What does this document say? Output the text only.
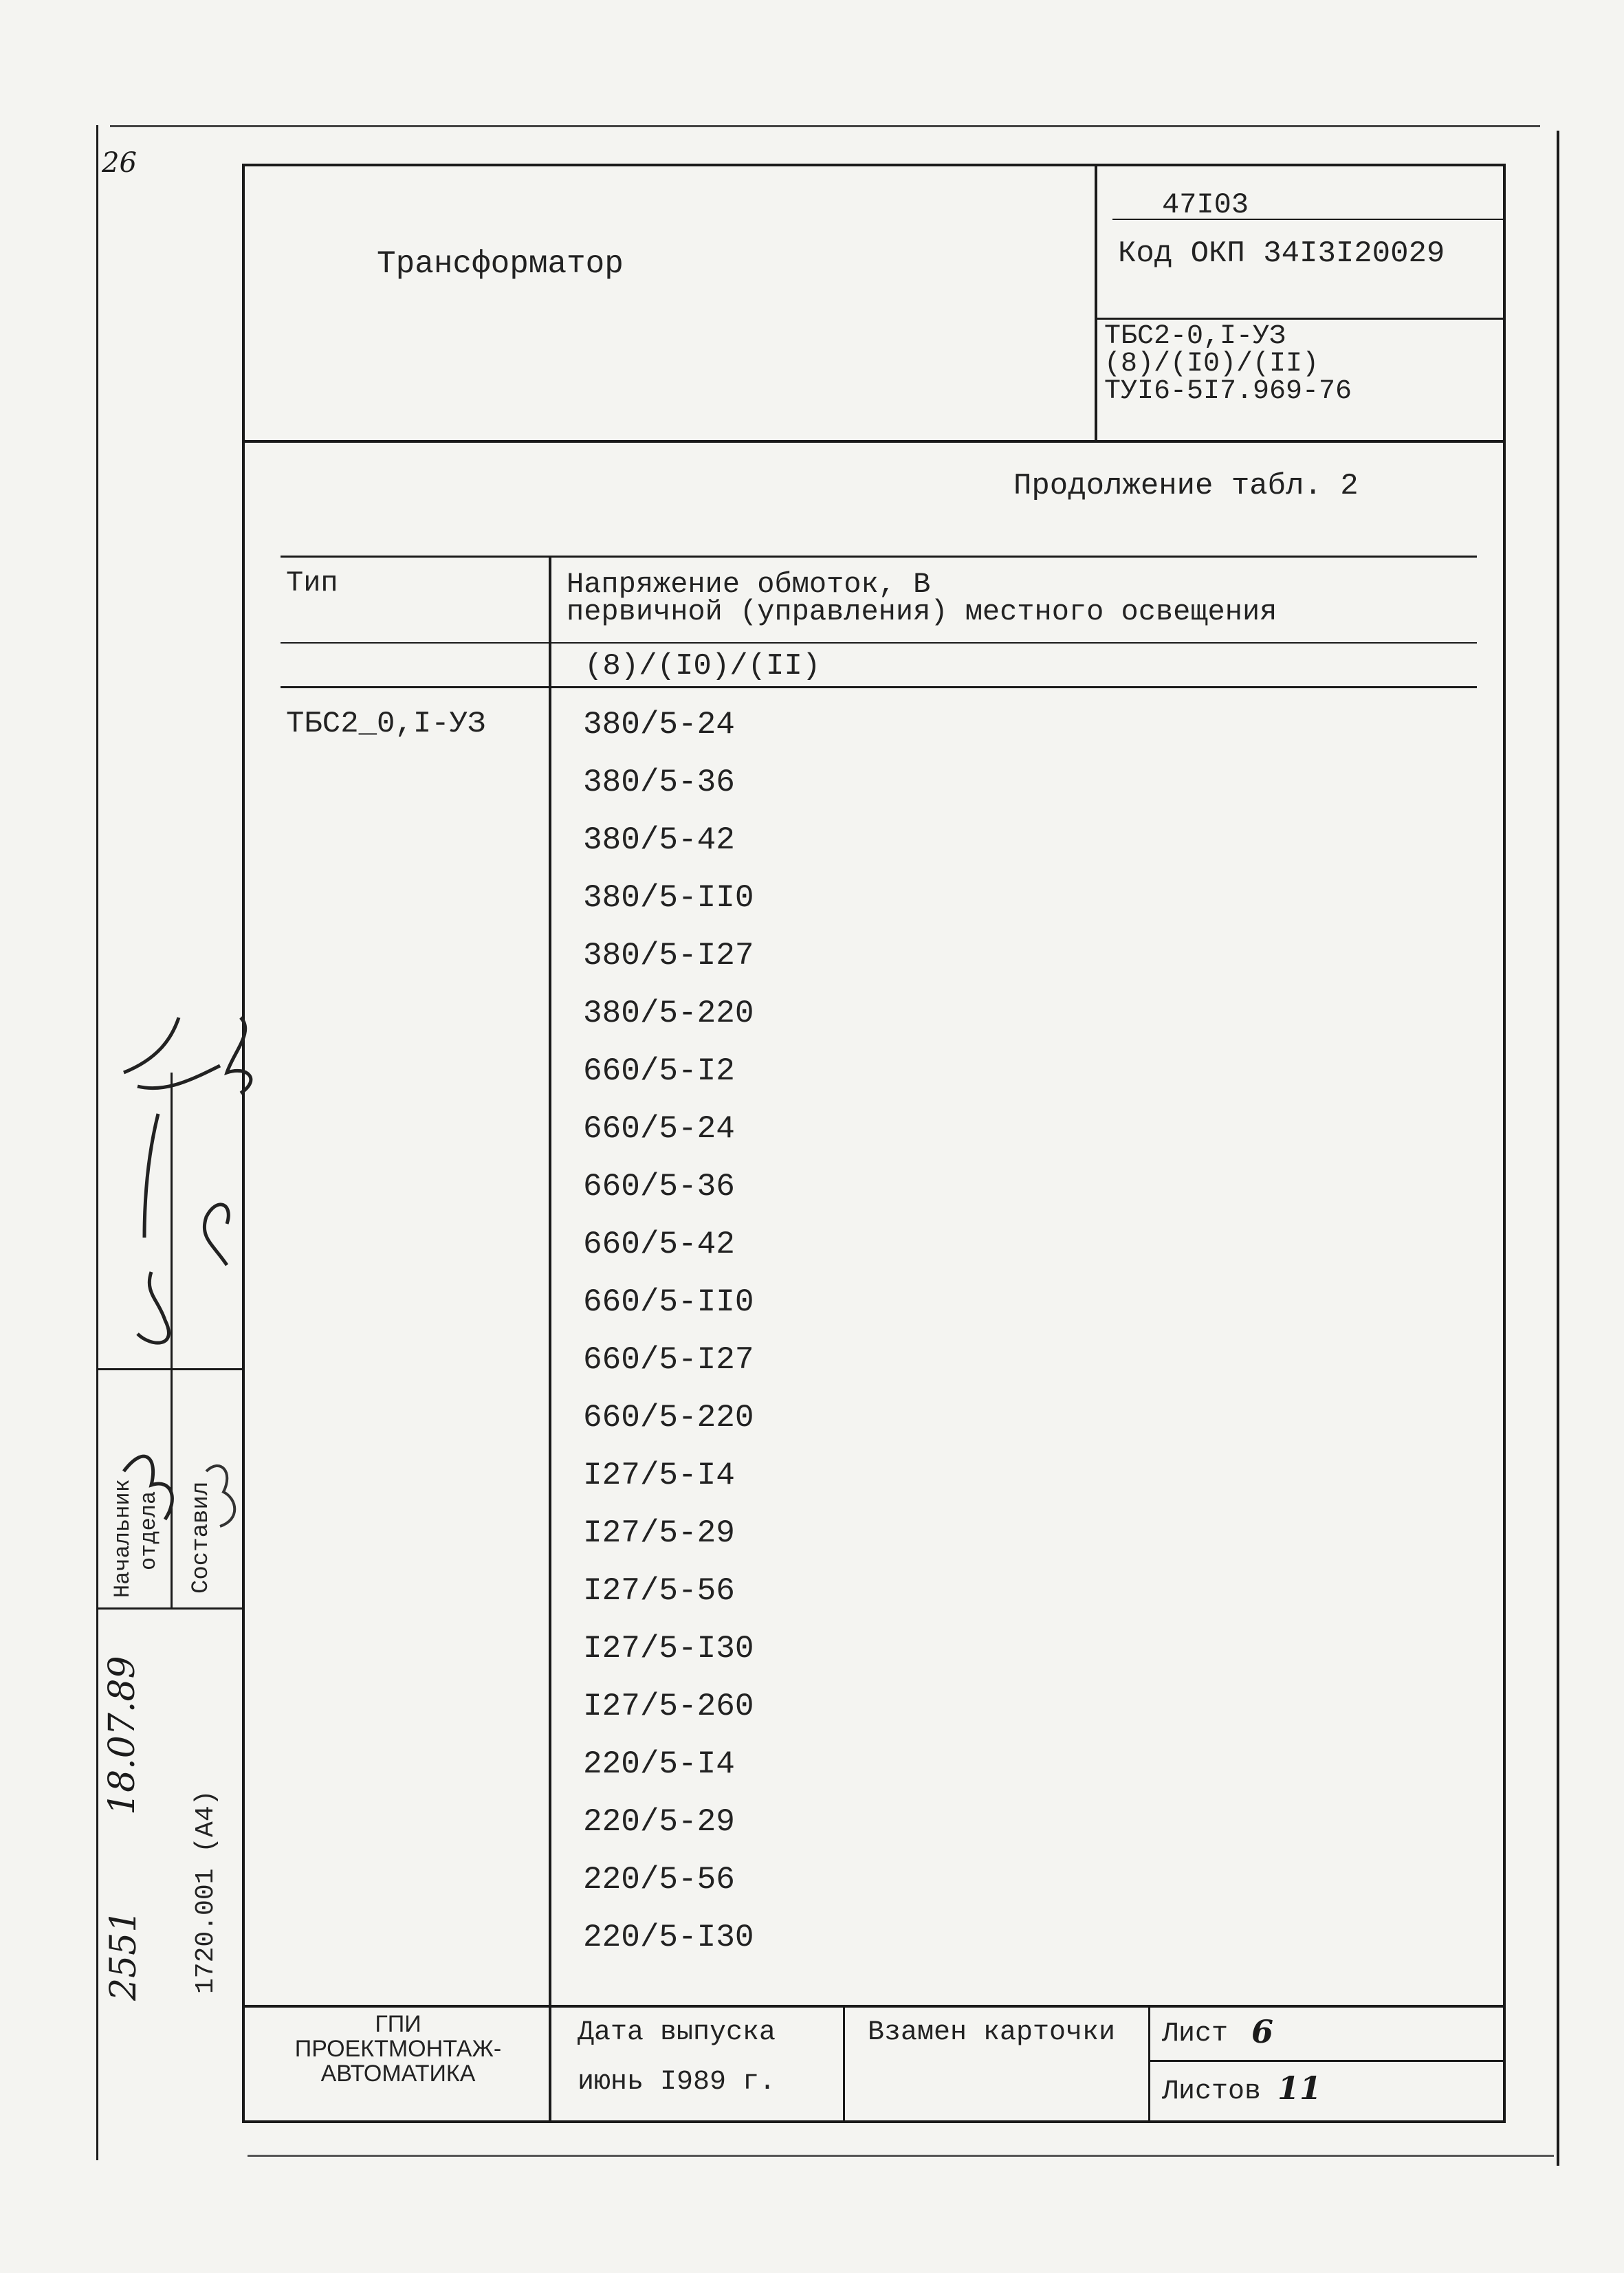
26
Трансформатор
47I03
Код ОКП 34I3I20029
ТБС2-0,I-УЗ
(8)/(I0)/(II)
ТУI6-5I7.969-76
Продолжение табл. 2
Тип	Напряжение обмоток, В
первичной (управления) местного освещения
(8)/(I0)/(II)
ТБС2_0,I-УЗ	380/5-24
380/5-36
380/5-42
380/5-II0
380/5-I27
380/5-220
660/5-I2
660/5-24
660/5-36
660/5-42
660/5-II0
660/5-I27
660/5-220
I27/5-I4
I27/5-29
I27/5-56
I27/5-I30
I27/5-260
220/5-I4
220/5-29
220/5-56
220/5-I30
ГПИ
ПРОЕКТМОНТАЖ-
АВТОМАТИКА
Дата выпуска
июнь I989 г.
Взамен карточки Лист 6
Листов 11
Начальник отдела Составил
18.07.89
1720.001 (А4)
2551
